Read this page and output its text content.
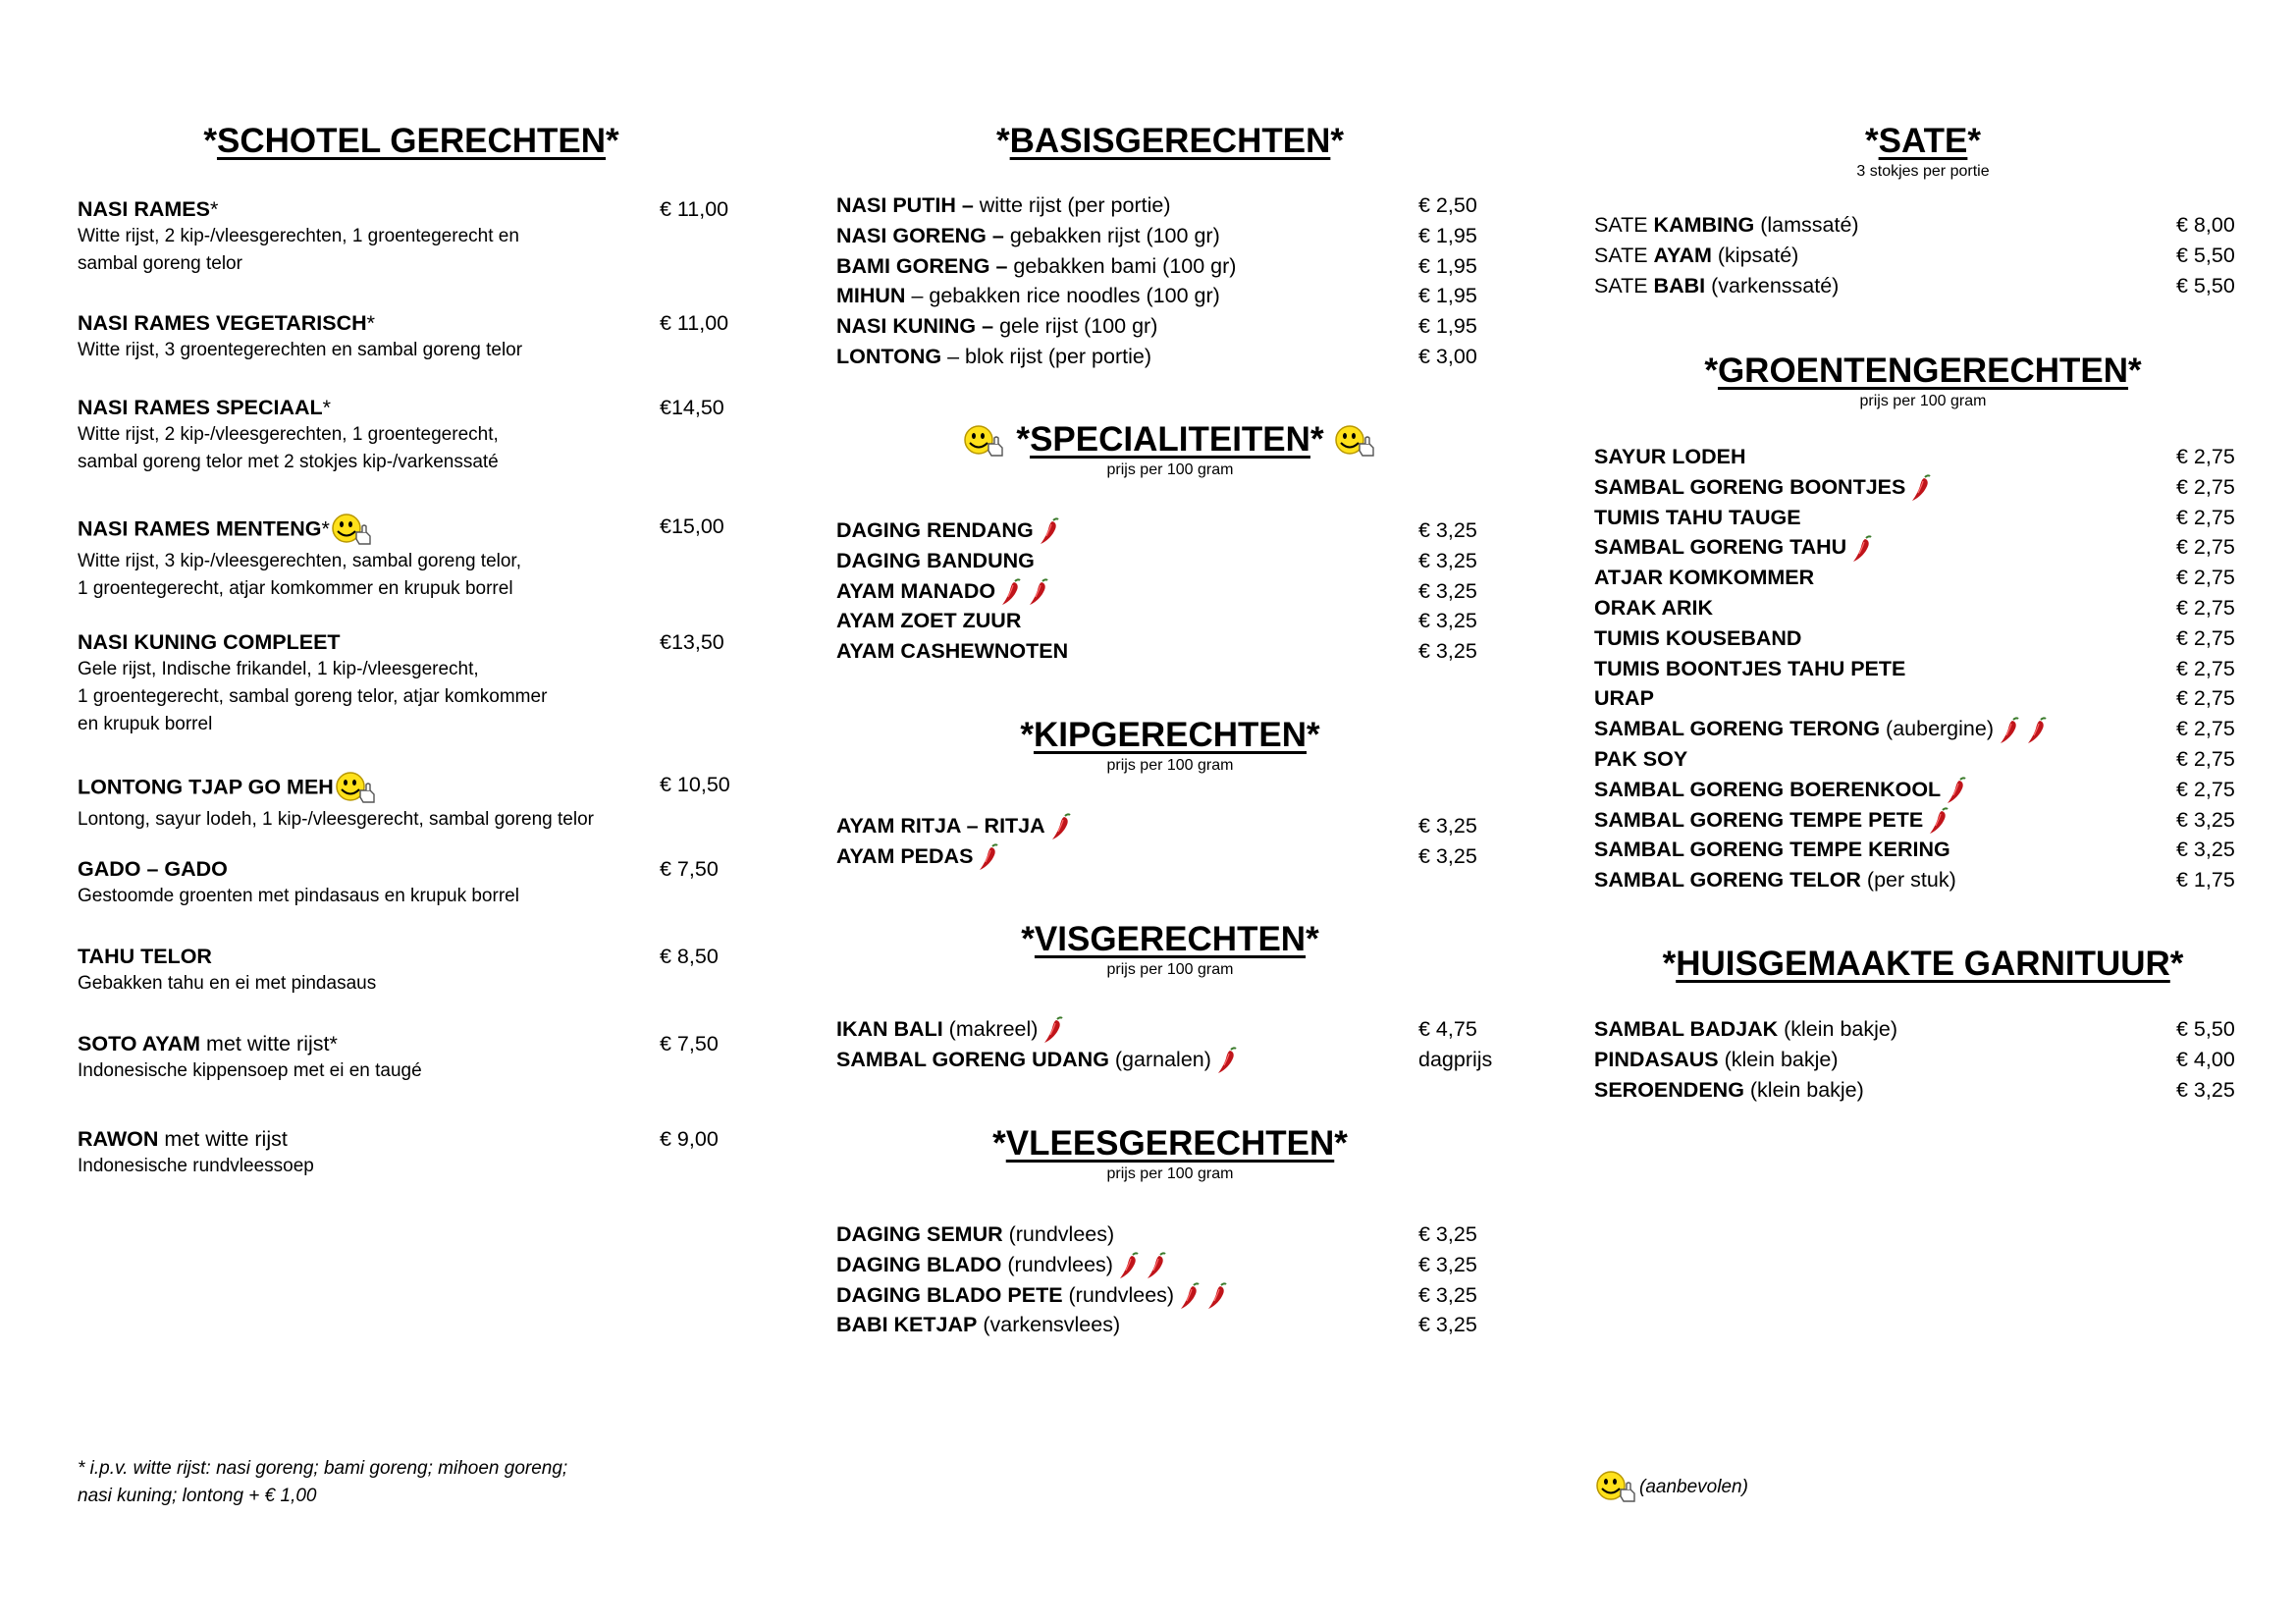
*SCHOTEL GERECHTEN*
NASI RAMES*	€ 11,00
Witte rijst, 2 kip-/vleesgerechten, 1 groentegerecht en
sambal goreng telor
NASI RAMES VEGETARISCH*	€ 11,00
Witte rijst, 3 groentegerechten en sambal goreng telor
NASI RAMES SPECIAAL*	€14,50
Witte rijst, 2 kip-/vleesgerechten, 1 groentegerecht,
sambal goreng telor met 2 stokjes kip-/varkenssaté
NASI RAMES MENTENG*	€15,00
Witte rijst, 3 kip-/vleesgerechten, sambal goreng telor,
1 groentegerecht, atjar komkommer en krupuk borrel
NASI KUNING COMPLEET	€13,50
Gele rijst, Indische frikandel, 1 kip-/vleesgerecht,
1 groentegerecht, sambal goreng telor, atjar komkommer
en krupuk borrel
LONTONG TJAP GO MEH	€ 10,50
Lontong, sayur lodeh, 1 kip-/vleesgerecht, sambal goreng telor
GADO – GADO	€ 7,50
Gestoomde groenten met pindasaus en krupuk borrel
TAHU TELOR	€ 8,50
Gebakken tahu en ei met pindasaus
SOTO AYAM met witte rijst*	€ 7,50
Indonesische kippensoep met ei en taugé
RAWON met witte rijst	€ 9,00
Indonesische rundvleessoep
* i.p.v. witte rijst: nasi goreng; bami goreng; mihoen goreng;
nasi kuning; lontong + € 1,00
*BASISGERECHTEN*
NASI PUTIH – witte rijst (per portie)	€ 2,50
NASI GORENG – gebakken rijst (100 gr)	€ 1,95
BAMI GORENG – gebakken bami (100 gr)	€ 1,95
MIHUN – gebakken rice noodles (100 gr)	€ 1,95
NASI KUNING – gele rijst (100 gr)	€ 1,95
LONTONG – blok rijst (per portie)	€ 3,00
*SPECIALITEITEN*
prijs per 100 gram
DAGING RENDANG	€ 3,25
DAGING BANDUNG	€ 3,25
AYAM MANADO	€ 3,25
AYAM ZOET ZUUR	€ 3,25
AYAM CASHEWNOTEN	€ 3,25
*KIPGERECHTEN*
prijs per 100 gram
AYAM RITJA – RITJA	€ 3,25
AYAM PEDAS	€ 3,25
*VISGERECHTEN*
prijs per 100 gram
IKAN BALI (makreel)	€ 4,75
SAMBAL GORENG UDANG (garnalen)	dagprijs
*VLEESGERECHTEN*
prijs per 100 gram
DAGING SEMUR (rundvlees)	€ 3,25
DAGING BLADO (rundvlees)	€ 3,25
DAGING BLADO PETE (rundvlees)	€ 3,25
BABI KETJAP (varkensvlees)	€ 3,25
*SATE*
3 stokjes per portie
SATE KAMBING (lamssaté)	€ 8,00
SATE AYAM (kipsaté)	€ 5,50
SATE BABI (varkenssaté)	€ 5,50
*GROENTENGERECHTEN*
prijs per 100 gram
SAYUR LODEH	€ 2,75
SAMBAL GORENG BOONTJES	€ 2,75
TUMIS TAHU TAUGE	€ 2,75
SAMBAL GORENG TAHU	€ 2,75
ATJAR KOMKOMMER	€ 2,75
ORAK ARIK	€ 2,75
TUMIS KOUSEBAND	€ 2,75
TUMIS BOONTJES TAHU PETE	€ 2,75
URAP	€ 2,75
SAMBAL GORENG TERONG (aubergine)	€ 2,75
PAK SOY	€ 2,75
SAMBAL GORENG BOERENKOOL	€ 2,75
SAMBAL GORENG TEMPE PETE	€ 3,25
SAMBAL GORENG TEMPE KERING	€ 3,25
SAMBAL GORENG TELOR (per stuk)	€ 1,75
*HUISGEMAAKTE GARNITUUR*
SAMBAL BADJAK (klein bakje)	€ 5,50
PINDASAUS (klein bakje)	€ 4,00
SEROENDENG (klein bakje)	€ 3,25
(aanbevolen)
